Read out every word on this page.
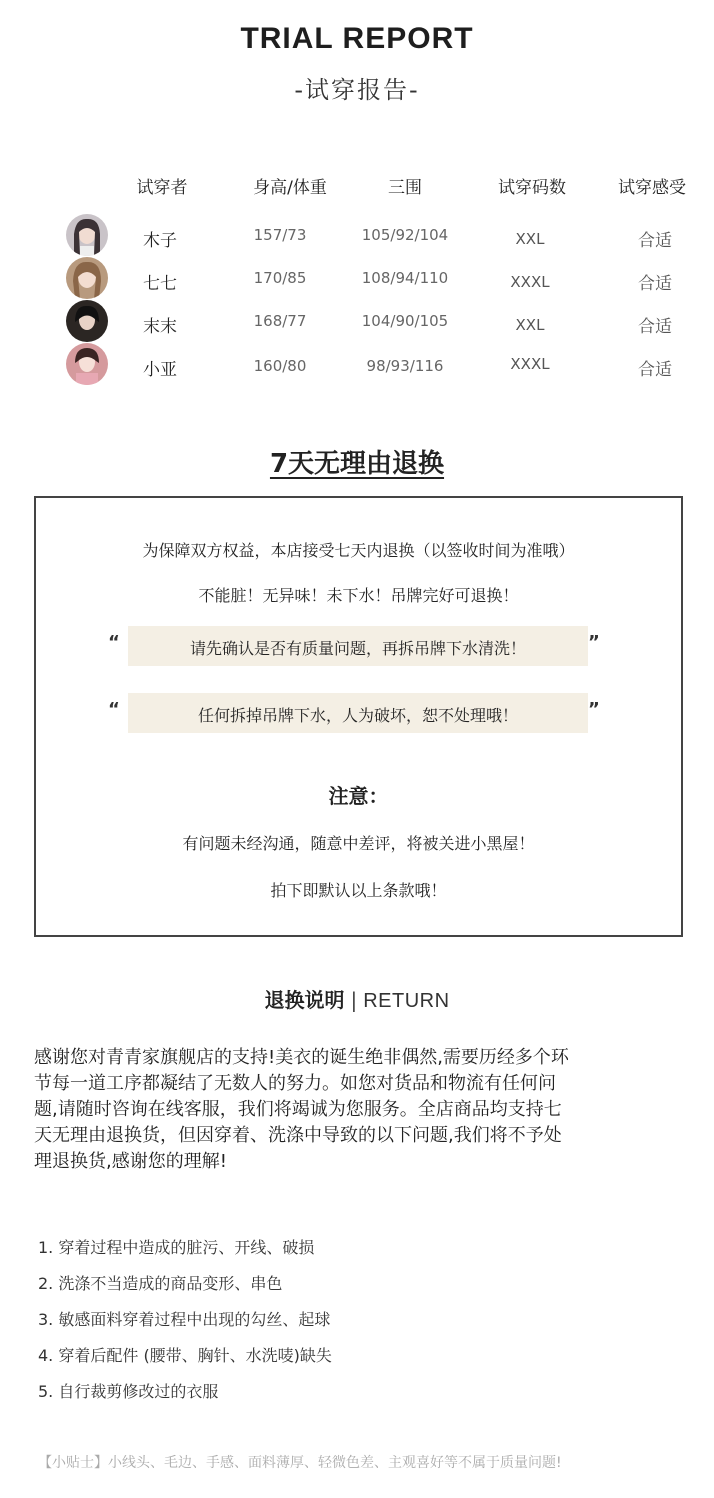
TRIAL REPORT
-试穿报告-
试穿者	身高/体重	三围	试穿码数	试穿感受
木子	157/73	105/92/104	XXL	合适
七七	170/85	108/94/110	XXXL	合适
末末	168/77	104/90/105	XXL	合适
小亚	160/80	98/93/116	XXXL	合适
7天无理由退换
为保障双方权益，本店接受七天内退换（以签收时间为准哦）
不能脏！无异味！未下水！吊牌完好可退换！
“	请先确认是否有质量问题，再拆吊牌下水清洗！	”
“	任何拆掉吊牌下水，人为破坏，恕不处理哦！	”
注意：
有问题未经沟通，随意中差评，将被关进小黑屋！
拍下即默认以上条款哦！
退换说明 | RETURN

感谢您对青青家旗舰店的支持!美衣的诞生绝非偶然,需要历经多个环

节每一道工序都凝结了无数人的努力。如您对货品和物流有任何问

题,请随时咨询在线客服，我们将竭诚为您服务。全店商品均支持七

天无理由退换货，但因穿着、洗涤中导致的以下问题,我们将不予处

理退换货,感谢您的理解!

1. 穿着过程中造成的脏污、开线、破损
2. 洗涤不当造成的商品变形、串色
3. 敏感面料穿着过程中出现的勾丝、起球
4. 穿着后配件 (腰带、胸针、水洗唛)缺失
5. 自行裁剪修改过的衣服
【小贴士】小线头、毛边、手感、面料薄厚、轻微色差、主观喜好等不属于质量问题!
